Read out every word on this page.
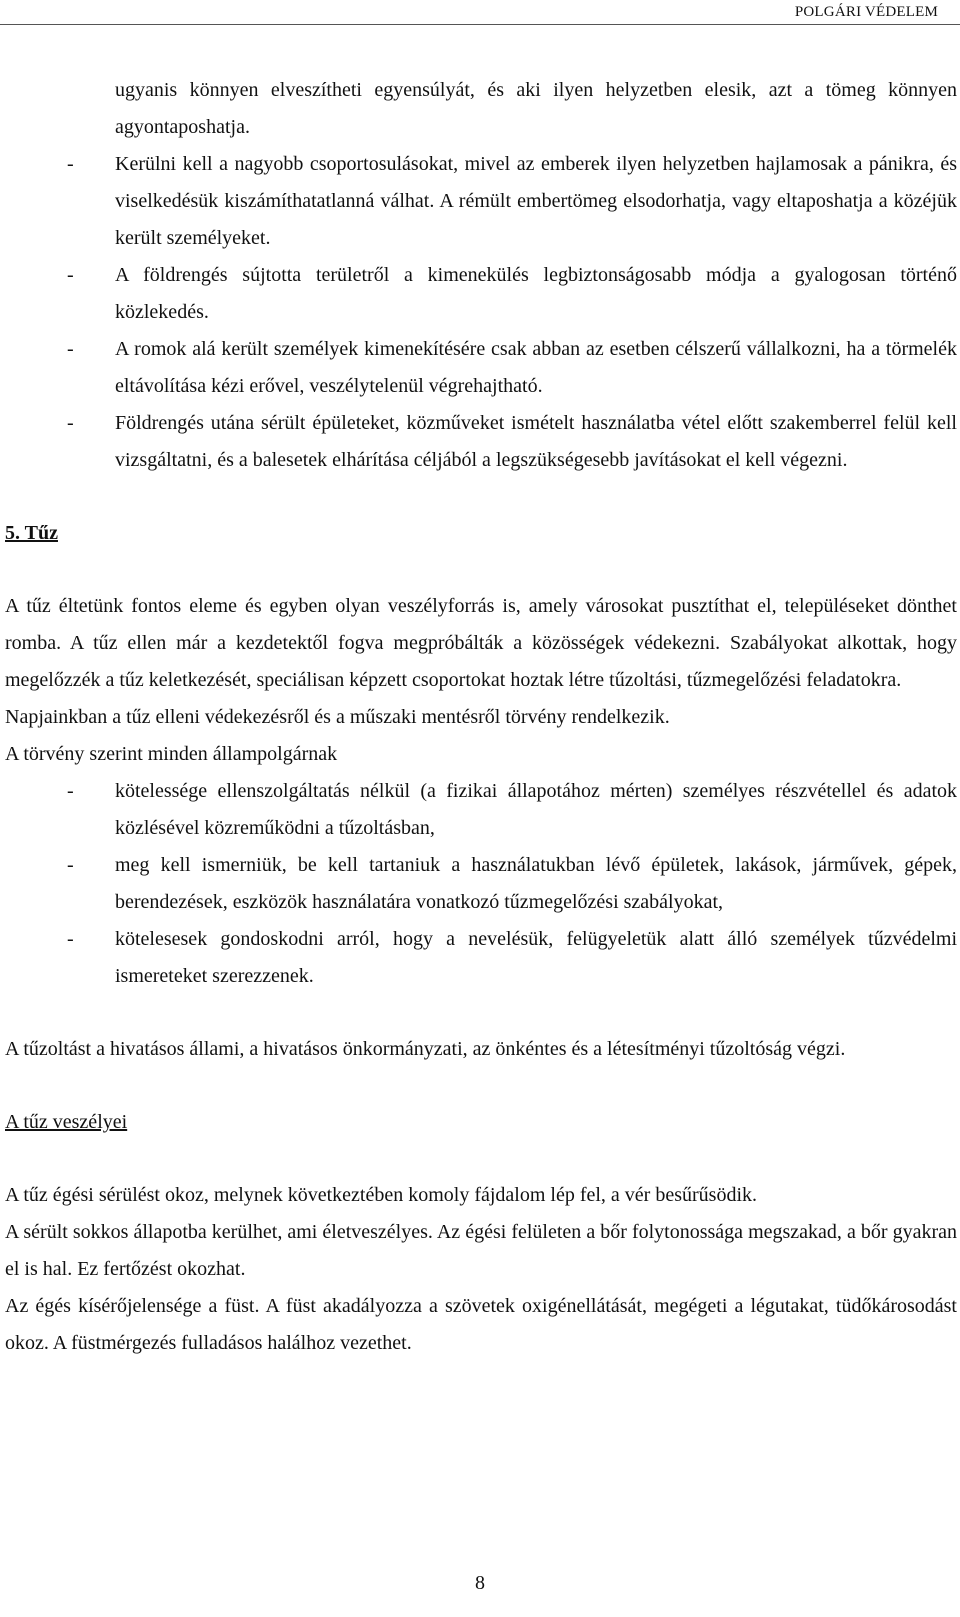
POLGÁRI VÉDELEM

ugyanis könnyen elveszítheti egyensúlyát, és aki ilyen helyzetben elesik, azt a tömeg könnyen agyontaposhatja.

- Kerülni kell a nagyobb csoportosulásokat, mivel az emberek ilyen helyzetben hajlamosak a pánikra, és viselkedésük kiszámíthatatlanná válhat. A rémült embertömeg elsodorhatja, vagy eltaposhatja a közéjük került személyeket.
- A földrengés sújtotta területről a kimenekülés legbiztonságosabb módja a gyalogosan történő közlekedés.
- A romok alá került személyek kimenekítésére csak abban az esetben célszerű vállalkozni, ha a törmelék eltávolítása kézi erővel, veszélytelenül végrehajtható.
- Földrengés utána sérült épületeket, közműveket ismételt használatba vétel előtt szakemberrel felül kell vizsgáltatni, és a balesetek elhárítása céljából a legszükségesebb javításokat el kell végezni.
5. Tűz

A tűz éltetünk fontos eleme és egyben olyan veszélyforrás is, amely városokat pusztíthat el, településeket dönthet romba. A tűz ellen már a kezdetektől fogva megpróbálták a közösségek védekezni. Szabályokat alkottak, hogy megelőzzék a tűz keletkezését, speciálisan képzett csoportokat hoztak létre tűzoltási, tűzmegelőzési feladatokra.

Napjainkban a tűz elleni védekezésről és a műszaki mentésről törvény rendelkezik.

A törvény szerint minden állampolgárnak

- kötelessége ellenszolgáltatás nélkül (a fizikai állapotához mérten) személyes részvétellel és adatok közlésével közreműködni a tűzoltásban,
- meg kell ismerniük, be kell tartaniuk a használatukban lévő épületek, lakások, járművek, gépek, berendezések, eszközök használatára vonatkozó tűzmegelőzési szabályokat,
- kötelesesek gondoskodni arról, hogy a nevelésük, felügyeletük alatt álló személyek tűzvédelmi ismereteket szerezzenek.

A tűzoltást a hivatásos állami, a hivatásos önkormányzati, az önkéntes és a létesítményi tűzoltóság végzi.

A tűz veszélyei

A tűz égési sérülést okoz, melynek következtében komoly fájdalom lép fel, a vér besűrűsödik.

A sérült sokkos állapotba kerülhet, ami életveszélyes. Az égési felületen a bőr folytonossága megszakad, a bőr gyakran el is hal. Ez fertőzést okozhat.

Az égés kísérőjelensége a füst. A füst akadályozza a szövetek oxigénellátását, megégeti a légutakat, tüdőkárosodást okoz. A füstmérgezés fulladásos halálhoz vezethet.

8
